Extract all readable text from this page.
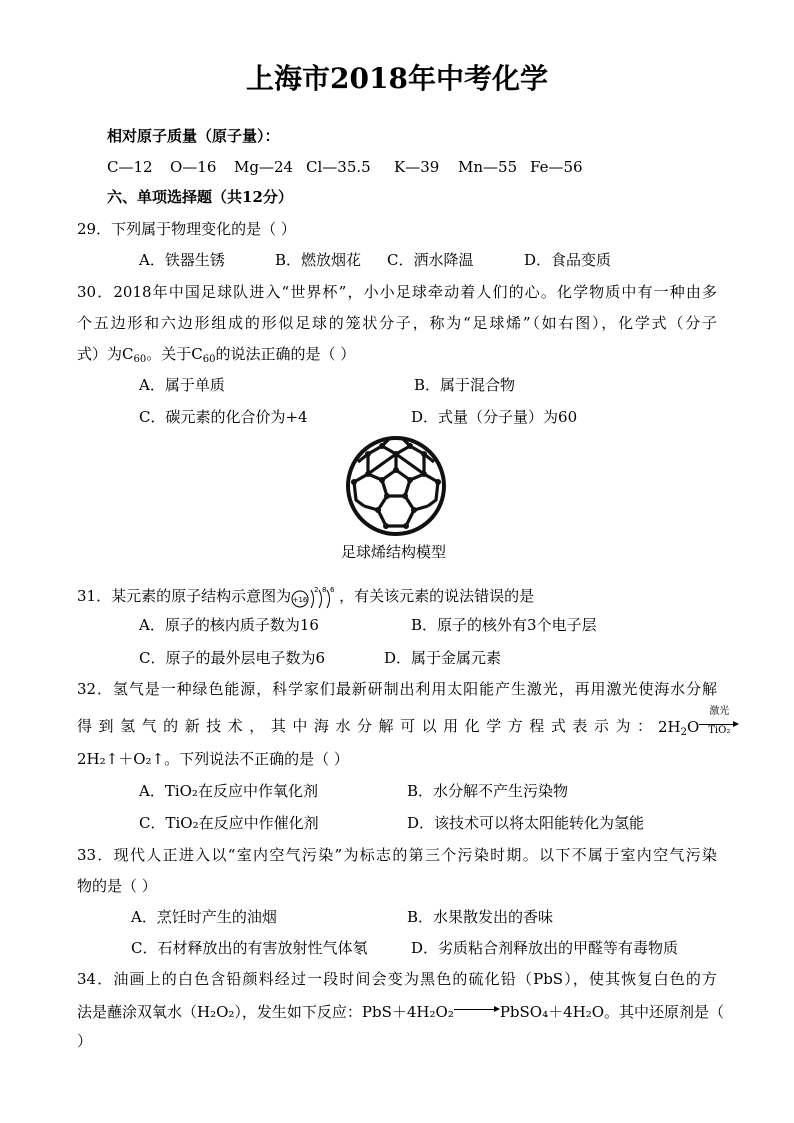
上海市2018年中考化学
相对原子质量（原子量）：
C—12 O—16 Mg—24 Cl—35.5 K—39 Mn—55 Fe—56
六、单项选择题（共12分）
29．下列属于物理变化的是（ ）
A．铁器生锈	B．燃放烟花 C．洒水降温	D．食品变质
30．2018年中国足球队进入“世界杯”，小小足球牵动着人们的心。化学物质中有一种由多
个五边形和六边形组成的形似足球的笼状分子，称为“足球烯”（如右图），化学式（分子
式）为$C_{60}$。关于$C_{60}$的说法正确的是（ ）
A．属于单质	B．属于混合物
C．碳元素的化合价为+4	D．式量（分子量）为60
足球烯结构模型
31．某元素的原子结构示意图为 +16
2 8 6 ，有关该元素的说法错误的是
A．原子的核内质子数为16	B．原子的核外有3个电子层
C．原子的最外层电子数为6	D．属于金属元素
32．氢气是一种绿色能源，科学家们最新研制出利用太阳能产生激光，再用激光使海水分解
得到氢气的新技术，其中海水分解可以用化学方程式表示为： $2H_2O$
激光
TiO₂
2H₂↑＋O₂↑。下列说法不正确的是（ ）
A．TiO₂在反应中作氧化剂	B．水分解不产生污染物
C．TiO₂在反应中作催化剂	D．该技术可以将太阳能转化为氢能
33．现代人正进入以“室内空气污染”为标志的第三个污染时期。以下不属于室内空气污染
物的是（ ）
A．烹饪时产生的油烟	B．水果散发出的香味
C．石材释放出的有害放射性气体氡	D．劣质粘合剂释放出的甲醛等有毒物质
34．油画上的白色含铅颜料经过一段时间会变为黑色的硫化铅（PbS），使其恢复白色的方
法是蘸涂双氧水（H₂O₂），发生如下反应：PbS＋4H₂O₂	PbSO₄＋4H₂O。其中还原剂是（
）
